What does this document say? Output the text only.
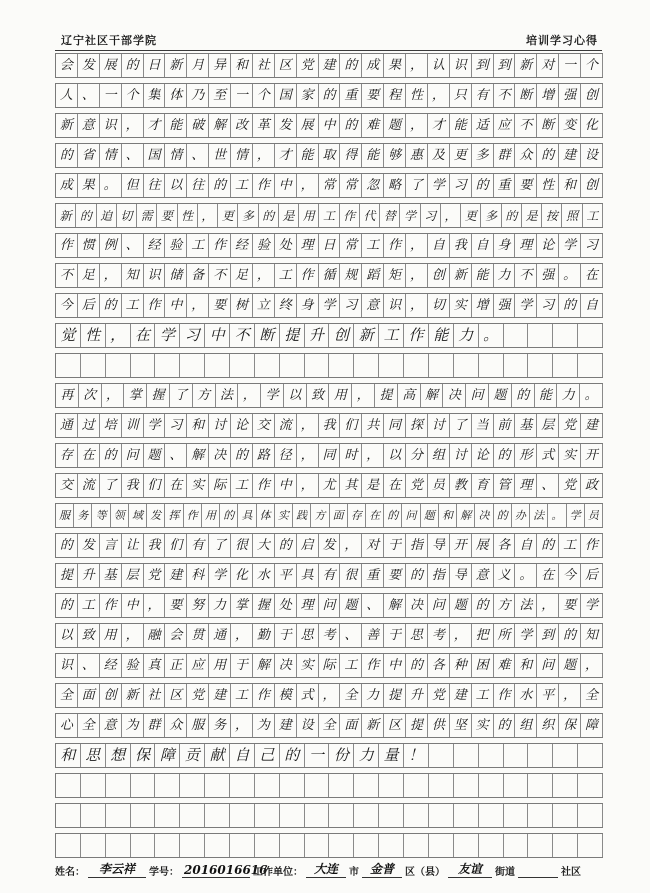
辽宁社区干部学院	培训学习心得
会 发 展 的 日 新 月 异 和 社 区 党 建 的 成 果 ， 认 识 到 到 新 对 一 个
人 、 一 个 集 体 乃 至 一 个 国 家 的 重 要 程 性 ， 只 有 不 断 增 强 创
新 意 识 ， 才 能 破 解 改 革 发 展 中 的 难 题 ， 才 能 适 应 不 断 变 化
的 省 情 、 国 情 、 世 情 ， 才 能 取 得 能 够 惠 及 更 多 群 众 的 建 设
成 果 。 但 往 以 往 的 工 作 中 ， 常 常 忽 略 了 学 习 的 重 要 性 和 创
新 的 迫 切 需 要 性 ， 更 多 的 是 用 工 作 代 替 学 习 ， 更 多 的 是 按 照 工
作 惯 例 、 经 验 工 作 经 验 处 理 日 常 工 作 ， 自 我 自 身 理 论 学 习
不 足 ， 知 识 储 备 不 足 ， 工 作 循 规 蹈 矩 ， 创 新 能 力 不 强 。 在
今 后 的 工 作 中 ， 要 树 立 终 身 学 习 意 识 ， 切 实 增 强 学 习 的 自
觉 性 ， 在 学 习 中 不 断 提 升 创 新 工 作 能 力 。
再 次 ， 掌 握 了 方 法 ， 学 以 致 用 ， 提 高 解 决 问 题 的 能 力 。
通 过 培 训 学 习 和 讨 论 交 流 ， 我 们 共 同 探 讨 了 当 前 基 层 党 建
存 在 的 问 题 、 解 决 的 路 径 ， 同 时 ， 以 分 组 讨 论 的 形 式 实 开
交 流 了 我 们 在 实 际 工 作 中 ， 尤 其 是 在 党 员 教 育 管 理 、 党 政
服 务 等 领 域 发 挥 作 用 的 具 体 实 践 方 面 存 在 的 问 题 和 解 决 的 办 法 。 学 员
的 发 言 让 我 们 有 了 很 大 的 启 发 ， 对 于 指 导 开 展 各 自 的 工 作
提 升 基 层 党 建 科 学 化 水 平 具 有 很 重 要 的 指 导 意 义 。 在 今 后
的 工 作 中 ， 要 努 力 掌 握 处 理 问 题 、 解 决 问 题 的 方 法 ， 要 学
以 致 用 ， 融 会 贯 通 ， 勤 于 思 考 、 善 于 思 考 ， 把 所 学 到 的 知
识 、 经 验 真 正 应 用 于 解 决 实 际 工 作 中 的 各 种 困 难 和 问 题 ，
全 面 创 新 社 区 党 建 工 作 模 式 ， 全 力 提 升 党 建 工 作 水 平 ， 全
心 全 意 为 群 众 服 务 ， 为 建 设 全 面 新 区 提 供 坚 实 的 组 织 保 障
和 思 想 保 障 贡 献 自 己 的 一 份 力 量 ！
姓名：	李云祥	学号： 2016016616
工作单位： 大连	市 金普	区（县）	友谊	街道
	社区
